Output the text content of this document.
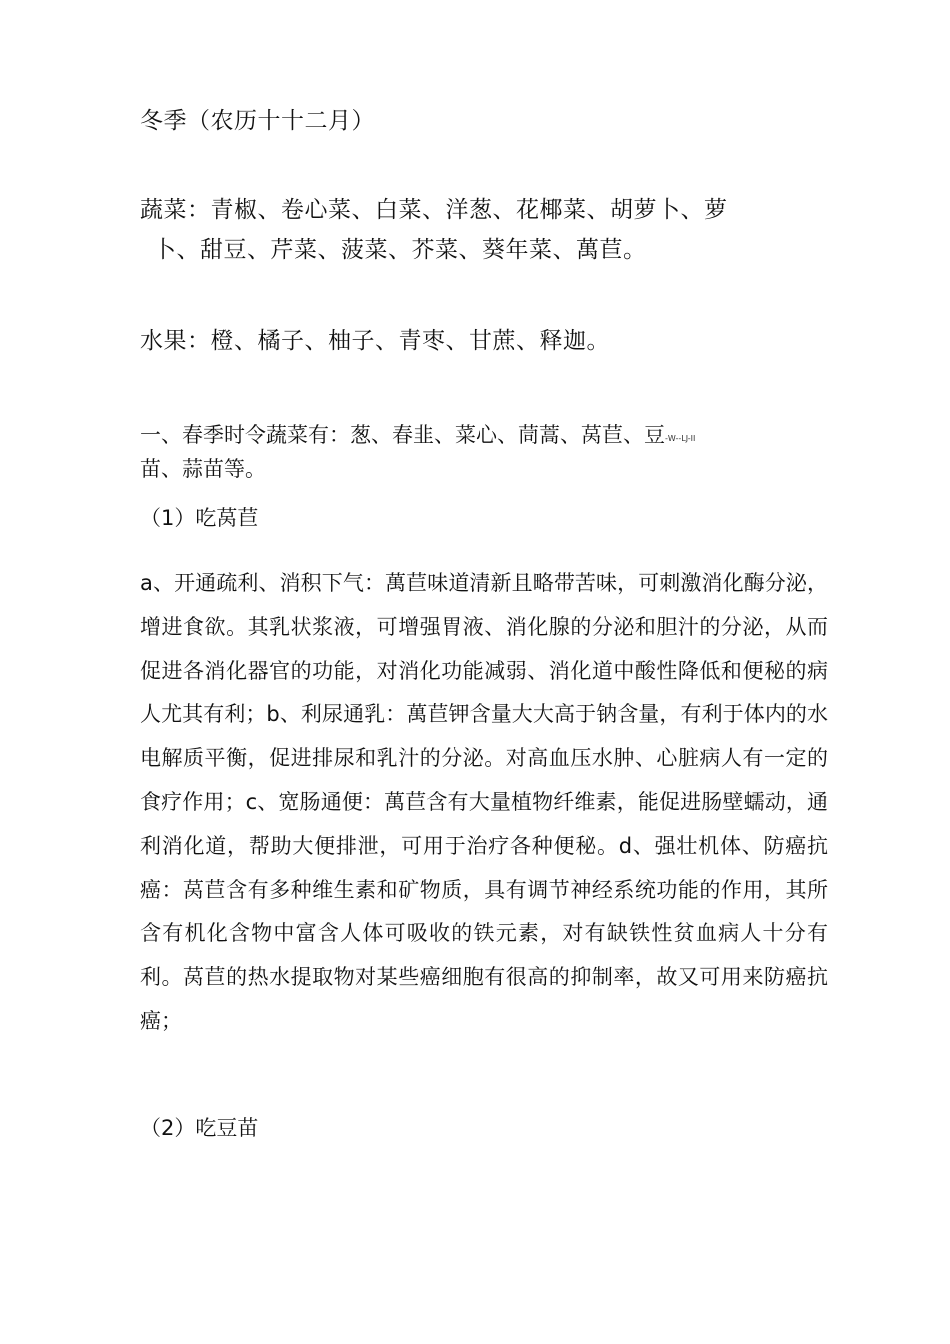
冬季（农历十十二月）

蔬菜：青椒、卷心菜、白菜、洋葱、花椰菜、胡萝卜、萝
卜、甜豆、芹菜、菠菜、芥菜、葵年菜、萬苣。

水果：橙、橘子、柚子、青枣、甘蔗、释迦。

一、春季时令蔬菜有：葱、春韭、菜心、茼蒿、莴苣、豆-W--LJ-II
苗、蒜苗等。

（1）吃莴苣

a、开通疏利、消积下气：萬苣味道清新且略带苦味，可刺激消化酶分泌，增进食欲。其乳状浆液，可增强胃液、消化腺的分泌和胆汁的分泌，从而促进各消化器官的功能，对消化功能减弱、消化道中酸性降低和便秘的病人尤其有利；b、利尿通乳：萬苣钾含量大大高于钠含量，有利于体内的水电解质平衡，促进排尿和乳汁的分泌。对高血压水肿、心脏病人有一定的食疗作用；c、宽肠通便：萬苣含有大量植物纤维素，能促进肠壁蠕动，通利消化道，帮助大便排泄，可用于治疗各种便秘。d、强壮机体、防癌抗癌：莴苣含有多种维生素和矿物质，具有调节神经系统功能的作用，其所含有机化含物中富含人体可吸收的铁元素，对有缺铁性贫血病人十分有利。莴苣的热水提取物对某些癌细胞有很高的抑制率，故又可用来防癌抗癌；

（2）吃豆苗
